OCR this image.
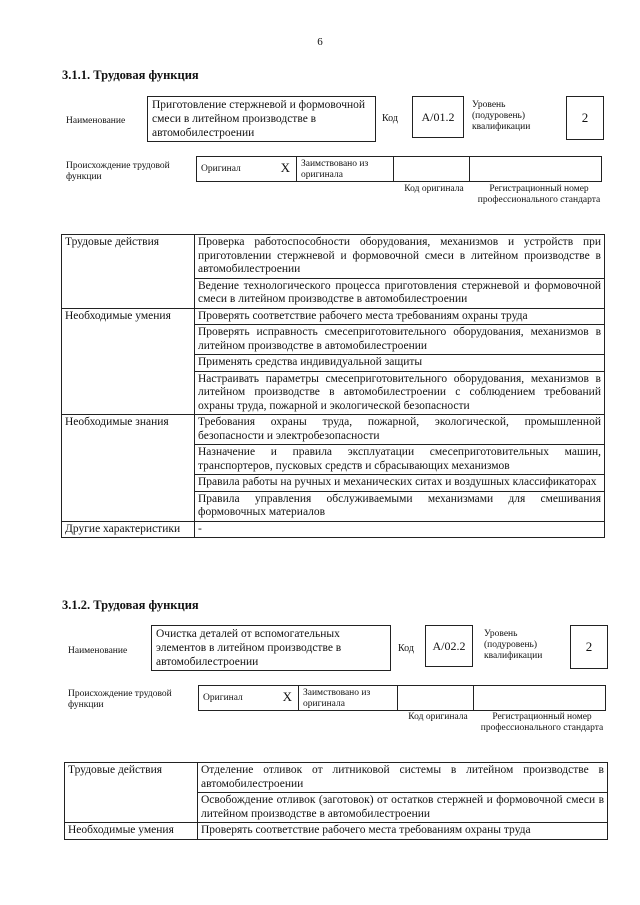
6
3.1.1. Трудовая функция
Наименование
Приготовление стержневой и формовочной смеси в литейном производстве в автомобилестроении
Код	А/01.2
Уровень (подуровень) квалификации
2
Происхождение трудовой функции
Оригинал	X	Заимствовано из оригинала
Код оригинала	Регистрационный номер профессионального стандарта
Трудовые действия	Проверка работоспособности оборудования, механизмов и устройств при приготовлении стержневой и формовочной смеси в литейном производстве в автомобилестроении
	Ведение технологического процесса приготовления стержневой и формовочной смеси в литейном производстве в автомобилестроении
Необходимые умения	Проверять соответствие рабочего места требованиям охраны труда
	Проверять исправность смесеприготовительного оборудования, механизмов в литейном производстве в автомобилестроении
	Применять средства индивидуальной защиты
	Настраивать параметры смесеприготовительного оборудования, механизмов в литейном производстве в автомобилестроении с соблюдением требований охраны труда, пожарной и экологической безопасности
Необходимые знания	Требования охраны труда, пожарной, экологической, промышленной безопасности и электробезопасности
	Назначение и правила эксплуатации смесеприготовительных машин, транспортеров, пусковых средств и сбрасывающих механизмов
	Правила работы на ручных и механических ситах и воздушных классификаторах
	Правила управления обслуживаемыми механизмами для смешивания формовочных материалов
Другие характеристики	-
3.1.2. Трудовая функция
Наименование
Очистка деталей от вспомогательных элементов в литейном производстве в автомобилестроении
Код	А/02.2
Уровень (подуровень) квалификации
2
Происхождение трудовой функции
Оригинал	X	Заимствовано из оригинала
Код оригинала	Регистрационный номер профессионального стандарта
Трудовые действия	Отделение отливок от литниковой системы в литейном производстве в автомобилестроении
	Освобождение отливок (заготовок) от остатков стержней и формовочной смеси в литейном производстве в автомобилестроении
Необходимые умения	Проверять соответствие рабочего места требованиям охраны труда
